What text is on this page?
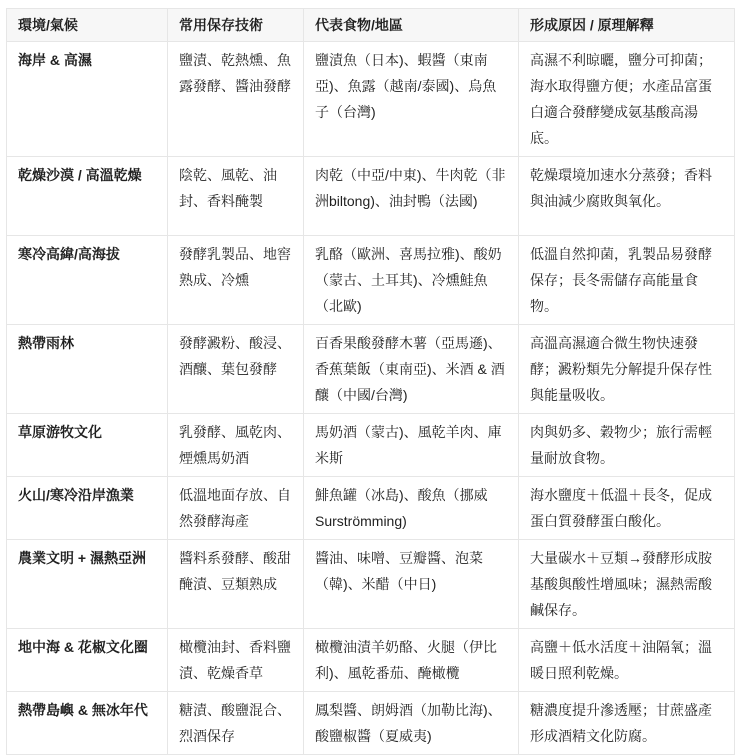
環境/氣候	常用保存技術	代表食物/地區	形成原因 / 原理解釋
海岸 & 高濕	鹽漬、乾熱燻、魚露發酵、醬油發酵	鹽漬魚（日本)、蝦醬（東南亞)、魚露（越南/泰國)、烏魚子（台灣)	高濕不利晾曬，鹽分可抑菌；海水取得鹽方便；水產品富蛋白適合發酵變成氨基酸高湯底。
乾燥沙漠 / 高溫乾燥	陰乾、風乾、油封、香料醃製	肉乾（中亞/中東)、牛肉乾（非洲biltong)、油封鴨（法國)	乾燥環境加速水分蒸發；香料與油減少腐敗與氧化。
寒冷高緯/高海拔	發酵乳製品、地窖熟成、冷燻	乳酪（歐洲、喜馬拉雅)、酸奶（蒙古、土耳其)、冷燻鮭魚（北歐)	低溫自然抑菌，乳製品易發酵保存；長冬需儲存高能量食物。
熱帶雨林	發酵澱粉、酸浸、酒釀、葉包發酵	百香果酸發酵木薯（亞馬遜)、香蕉葉飯（東南亞)、米酒 & 酒釀（中國/台灣)	高溫高濕適合微生物快速發酵；澱粉類先分解提升保存性與能量吸收。
草原游牧文化	乳發酵、風乾肉、煙燻馬奶酒	馬奶酒（蒙古)、風乾羊肉、庫米斯	肉與奶多、穀物少；旅行需輕量耐放食物。
火山/寒冷沿岸漁業	低溫地面存放、自然發酵海產	鯡魚罐（冰島)、酸魚（挪威Surströmming)	海水鹽度＋低溫＋長冬，促成蛋白質發酵蛋白酸化。
農業文明 + 濕熱亞洲	醬料系發酵、酸甜醃漬、豆類熟成	醬油、味噌、豆瓣醬、泡菜（韓)、米醋（中日)	大量碳水＋豆類→發酵形成胺基酸與酸性增風味；濕熱需酸鹹保存。
地中海 & 花椒文化圈	橄欖油封、香料鹽漬、乾燥香草	橄欖油漬羊奶酪、火腿（伊比利)、風乾番茄、醃橄欖	高鹽＋低水活度＋油隔氧；溫暖日照利乾燥。
熱帶島嶼 & 無冰年代	糖漬、酸鹽混合、烈酒保存	鳳梨醬、朗姆酒（加勒比海)、酸鹽椒醬（夏威夷)	糖濃度提升滲透壓；甘蔗盛產形成酒精文化防腐。
